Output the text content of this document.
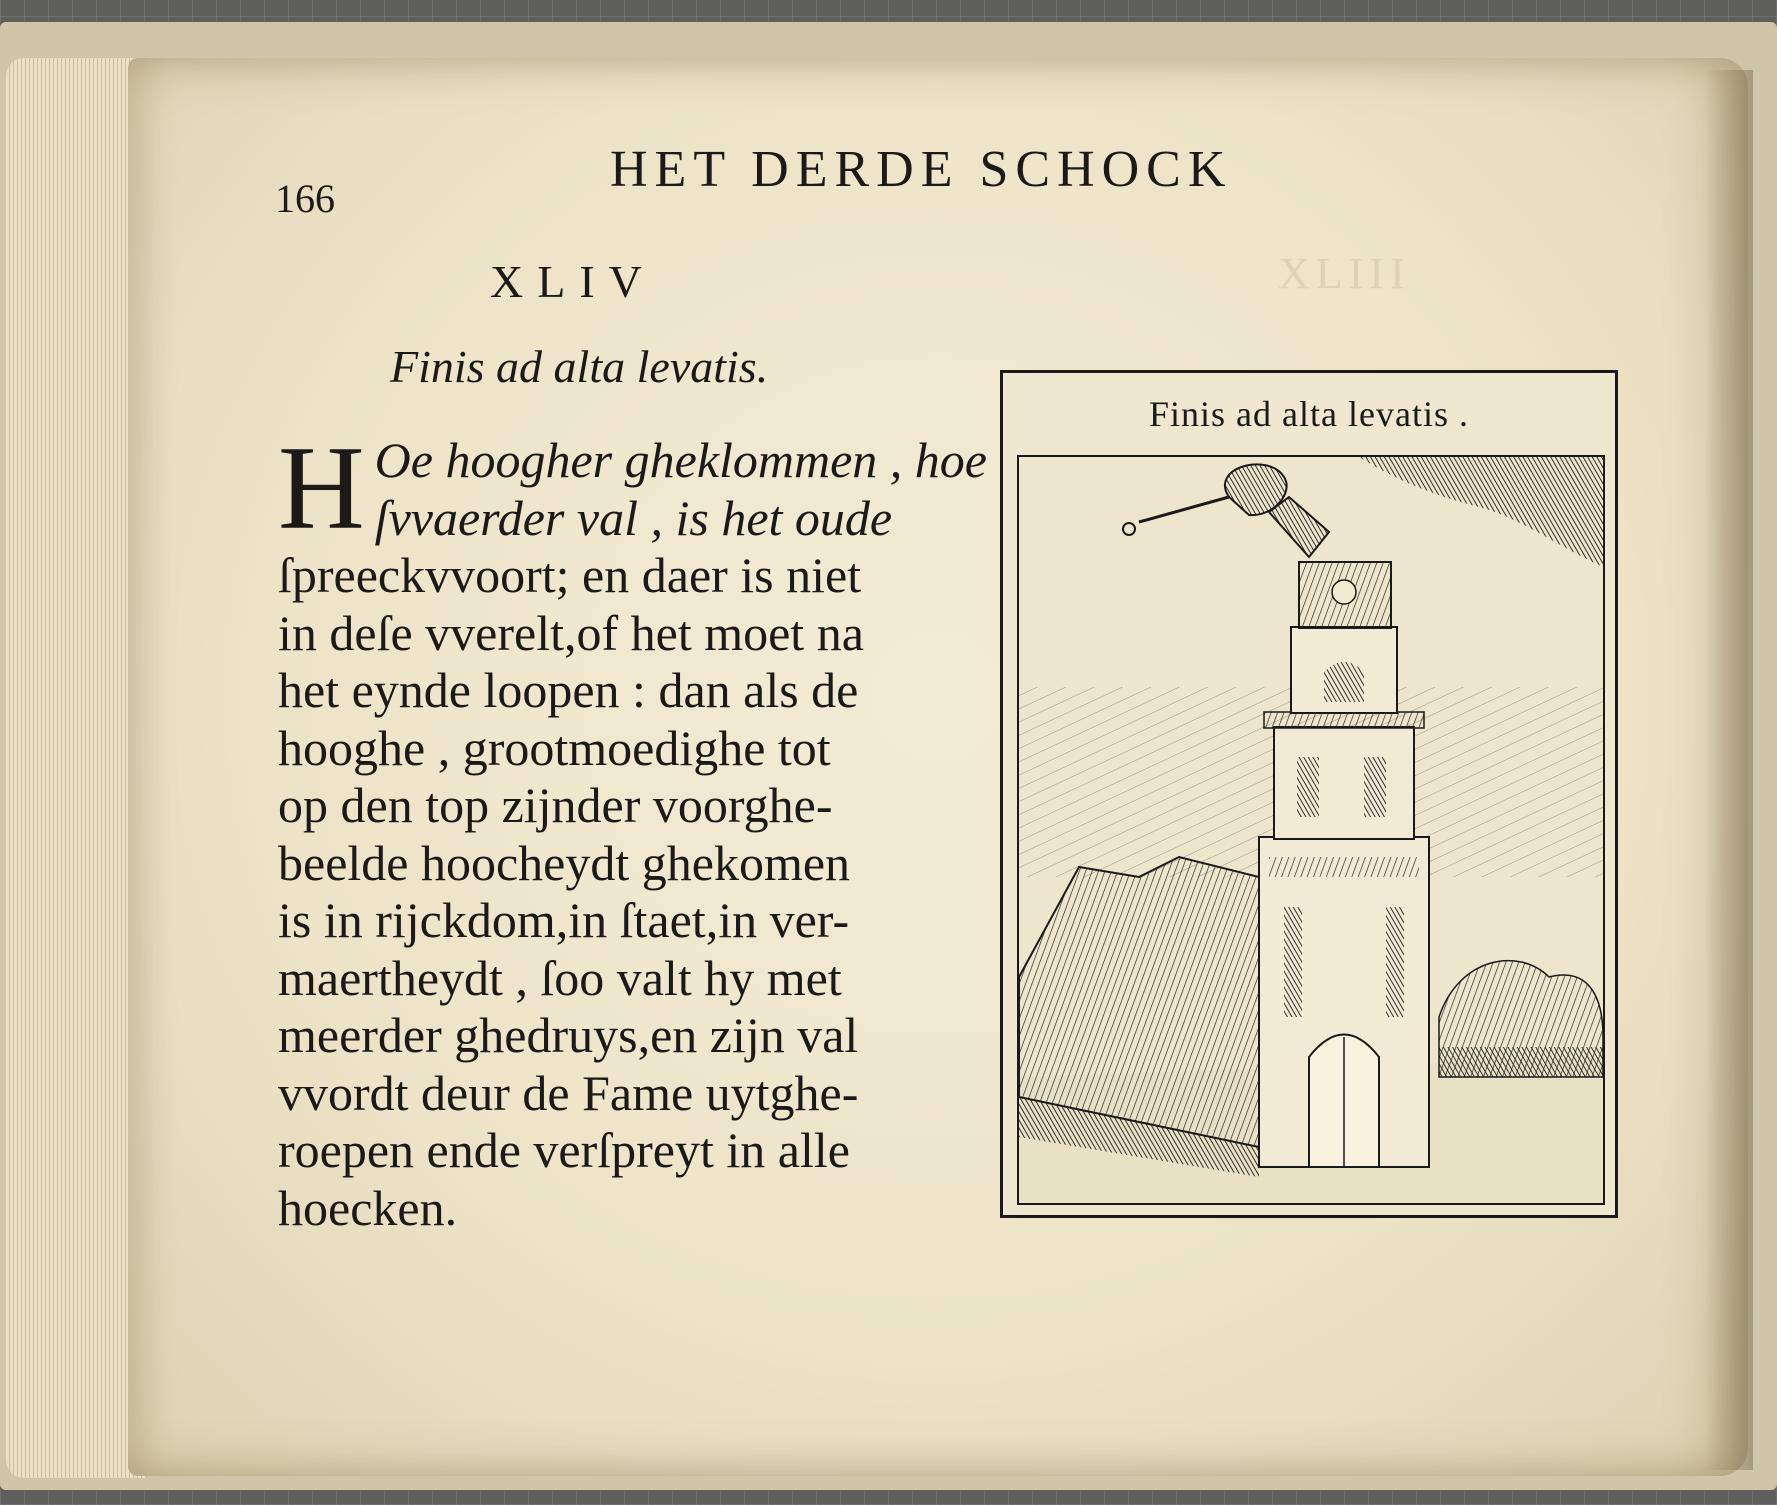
XLIII
166
HET DERDE SCHOCK
XLIV
Finis ad alta levatis.
H Oe hoogher gheklommen , hoe
ſvvaerder val , is het oude
ſpreeckvvoort; en daer is niet
in deſe vverelt,of het moet na
het eynde loopen : dan als de
hooghe , grootmoedighe tot
op den top zijnder voorghe-
beelde hoocheydt ghekomen
is in rijckdom,in ſtaet,in ver-
maertheydt , ſoo valt hy met
meerder ghedruys,en zijn val
vvordt deur de Fame uytghe-
roepen ende verſpreyt in alle
hoecken.
Finis ad alta levatis .
